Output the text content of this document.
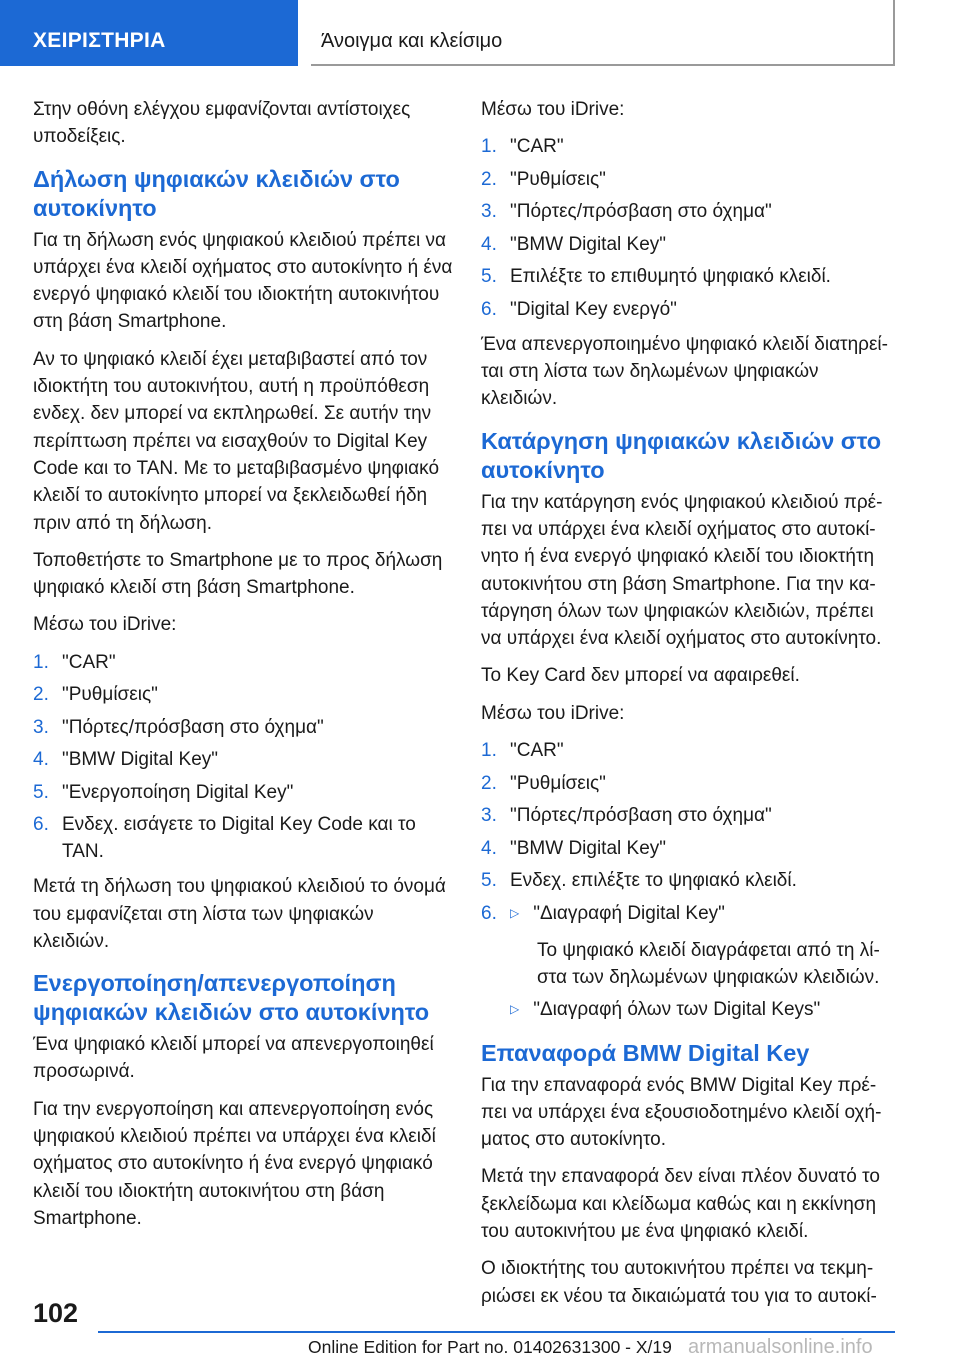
ΧΕΙΡΙΣΤΗΡΙΑ	Άνοιγμα και κλείσιμο

Στην οθόνη ελέγχου εμφανίζονται αντίστοιχες υποδείξεις.

Δήλωση ψηφιακών κλειδιών στο αυτοκίνητο

Για τη δήλωση ενός ψηφιακού κλειδιού πρέπει να υπάρχει ένα κλειδί οχήματος στο αυτοκίνητο ή ένα ενεργό ψηφιακό κλειδί του ιδιοκτήτη αυτοκινήτου στη βάση Smartphone.

Αν το ψηφιακό κλειδί έχει μεταβιβαστεί από τον ιδιοκτήτη του αυτοκινήτου, αυτή η προϋπόθεση ενδεχ. δεν μπορεί να εκπληρωθεί. Σε αυτήν την περίπτωση πρέπει να εισαχθούν το Digital Key Code και το TAN. Με το μεταβιβασμένο ψηφιακό κλειδί το αυτοκίνητο μπορεί να ξεκλειδωθεί ήδη πριν από τη δήλωση.

Τοποθετήστε το Smartphone με το προς δήλωση ψηφιακό κλειδί στη βάση Smartphone.

Μέσω του iDrive:

1. "CAR"
2. "Ρυθμίσεις"
3. "Πόρτες/πρόσβαση στο όχημα"
4. "BMW Digital Key"
5. "Ενεργοποίηση Digital Key"
6. Ενδεχ. εισάγετε το Digital Key Code και το TAN.

Μετά τη δήλωση του ψηφιακού κλειδιού το όνομά του εμφανίζεται στη λίστα των ψηφιακών κλειδιών.

Ενεργοποίηση/απενεργοποίηση ψηφιακών κλειδιών στο αυτοκίνητο

Ένα ψηφιακό κλειδί μπορεί να απενεργοποιηθεί προσωρινά.

Για την ενεργοποίηση και απενεργοποίηση ενός ψηφιακού κλειδιού πρέπει να υπάρχει ένα κλειδί οχήματος στο αυτοκίνητο ή ένα ενεργό ψηφιακό κλειδί του ιδιοκτήτη αυτοκινήτου στη βάση Smartphone.

Μέσω του iDrive:

1. "CAR"
2. "Ρυθμίσεις"
3. "Πόρτες/πρόσβαση στο όχημα"
4. "BMW Digital Key"
5. Επιλέξτε το επιθυμητό ψηφιακό κλειδί.
6. "Digital Key ενεργό"

Ένα απενεργοποιημένο ψηφιακό κλειδί διατηρείται στη λίστα των δηλωμένων ψηφιακών κλειδιών.

Κατάργηση ψηφιακών κλειδιών στο αυτοκίνητο

Για την κατάργηση ενός ψηφιακού κλειδιού πρέπει να υπάρχει ένα κλειδί οχήματος στο αυτοκίνητο ή ένα ενεργό ψηφιακό κλειδί του ιδιοκτήτη αυτοκινήτου στη βάση Smartphone. Για την κατάργηση όλων των ψηφιακών κλειδιών, πρέπει να υπάρχει ένα κλειδί οχήματος στο αυτοκίνητο.

Το Key Card δεν μπορεί να αφαιρεθεί.

Μέσω του iDrive:

1. "CAR"
2. "Ρυθμίσεις"
3. "Πόρτες/πρόσβαση στο όχημα"
4. "BMW Digital Key"
5. Ενδεχ. επιλέξτε το ψηφιακό κλειδί.
6. ▷ "Διαγραφή Digital Key"

Το ψηφιακό κλειδί διαγράφεται από τη λίστα των δηλωμένων ψηφιακών κλειδιών.

▷ "Διαγραφή όλων των Digital Keys"
Επαναφορά BMW Digital Key

Για την επαναφορά ενός BMW Digital Key πρέπει να υπάρχει ένα εξουσιοδοτημένο κλειδί οχήματος στο αυτοκίνητο.

Μετά την επαναφορά δεν είναι πλέον δυνατό το ξεκλείδωμα και κλείδωμα καθώς και η εκκίνηση του αυτοκινήτου με ένα ψηφιακό κλειδί.

Ο ιδιοκτήτης του αυτοκινήτου πρέπει να τεκμηριώσει εκ νέου τα δικαιώματά του για το αυτοκί-

102
Online Edition for Part no. 01402631300 - X/19 armanualsonline.info
